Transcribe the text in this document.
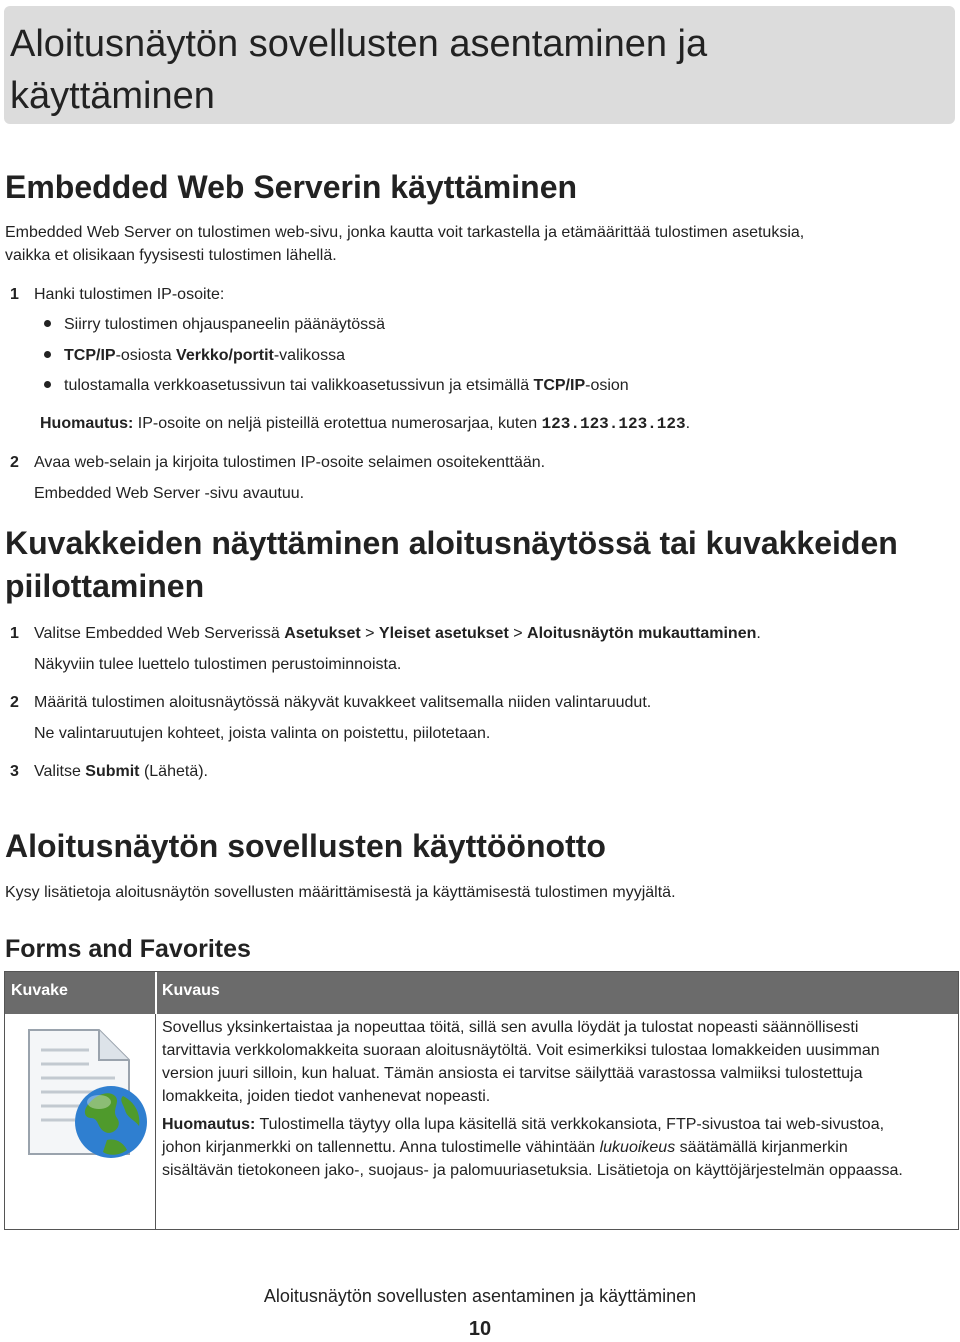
Aloitusnäytön sovellusten asentaminen ja
käyttäminen
Embedded Web Serverin käyttäminen
Embedded Web Server on tulostimen web-sivu, jonka kautta voit tarkastella ja etämäärittää tulostimen asetuksia,
vaikka et olisikaan fyysisesti tulostimen lähellä.
1 Hanki tulostimen IP-osoite:
Siirry tulostimen ohjauspaneelin päänäytössä
TCP/IP-osiosta Verkko/portit-valikossa
tulostamalla verkkoasetussivun tai valikkoasetussivun ja etsimällä TCP/IP-osion
Huomautus: IP-osoite on neljä pisteillä erotettua numerosarjaa, kuten 123.123.123.123.
2 Avaa web-selain ja kirjoita tulostimen IP-osoite selaimen osoitekenttään.
Embedded Web Server -sivu avautuu.
Kuvakkeiden näyttäminen aloitusnäytössä tai kuvakkeiden
piilottaminen
1 Valitse Embedded Web Serverissä Asetukset > Yleiset asetukset > Aloitusnäytön mukauttaminen.
Näkyviin tulee luettelo tulostimen perustoiminnoista.
2 Määritä tulostimen aloitusnäytössä näkyvät kuvakkeet valitsemalla niiden valintaruudut.
Ne valintaruutujen kohteet, joista valinta on poistettu, piilotetaan.
3 Valitse Submit (Lähetä).
Aloitusnäytön sovellusten käyttöönotto
Kysy lisätietoja aloitusnäytön sovellusten määrittämisestä ja käyttämisestä tulostimen myyjältä.
Forms and Favorites
Kuvake	Kuvaus
Sovellus yksinkertaistaa ja nopeuttaa töitä, sillä sen avulla löydät ja tulostat nopeasti säännöllisesti
tarvittavia verkkolomakkeita suoraan aloitusnäytöltä. Voit esimerkiksi tulostaa lomakkeiden uusimman
version juuri silloin, kun haluat. Tämän ansiosta ei tarvitse säilyttää varastossa valmiiksi tulostettuja
lomakkeita, joiden tiedot vanhenevat nopeasti.
Huomautus: Tulostimella täytyy olla lupa käsitellä sitä verkkokansiota, FTP-sivustoa tai web-sivustoa,
johon kirjanmerkki on tallennettu. Anna tulostimelle vähintään lukuoikeus säätämällä kirjanmerkin
sisältävän tietokoneen jako-, suojaus- ja palomuuriasetuksia. Lisätietoja on käyttöjärjestelmän oppaassa.
Aloitusnäytön sovellusten asentaminen ja käyttäminen
10
